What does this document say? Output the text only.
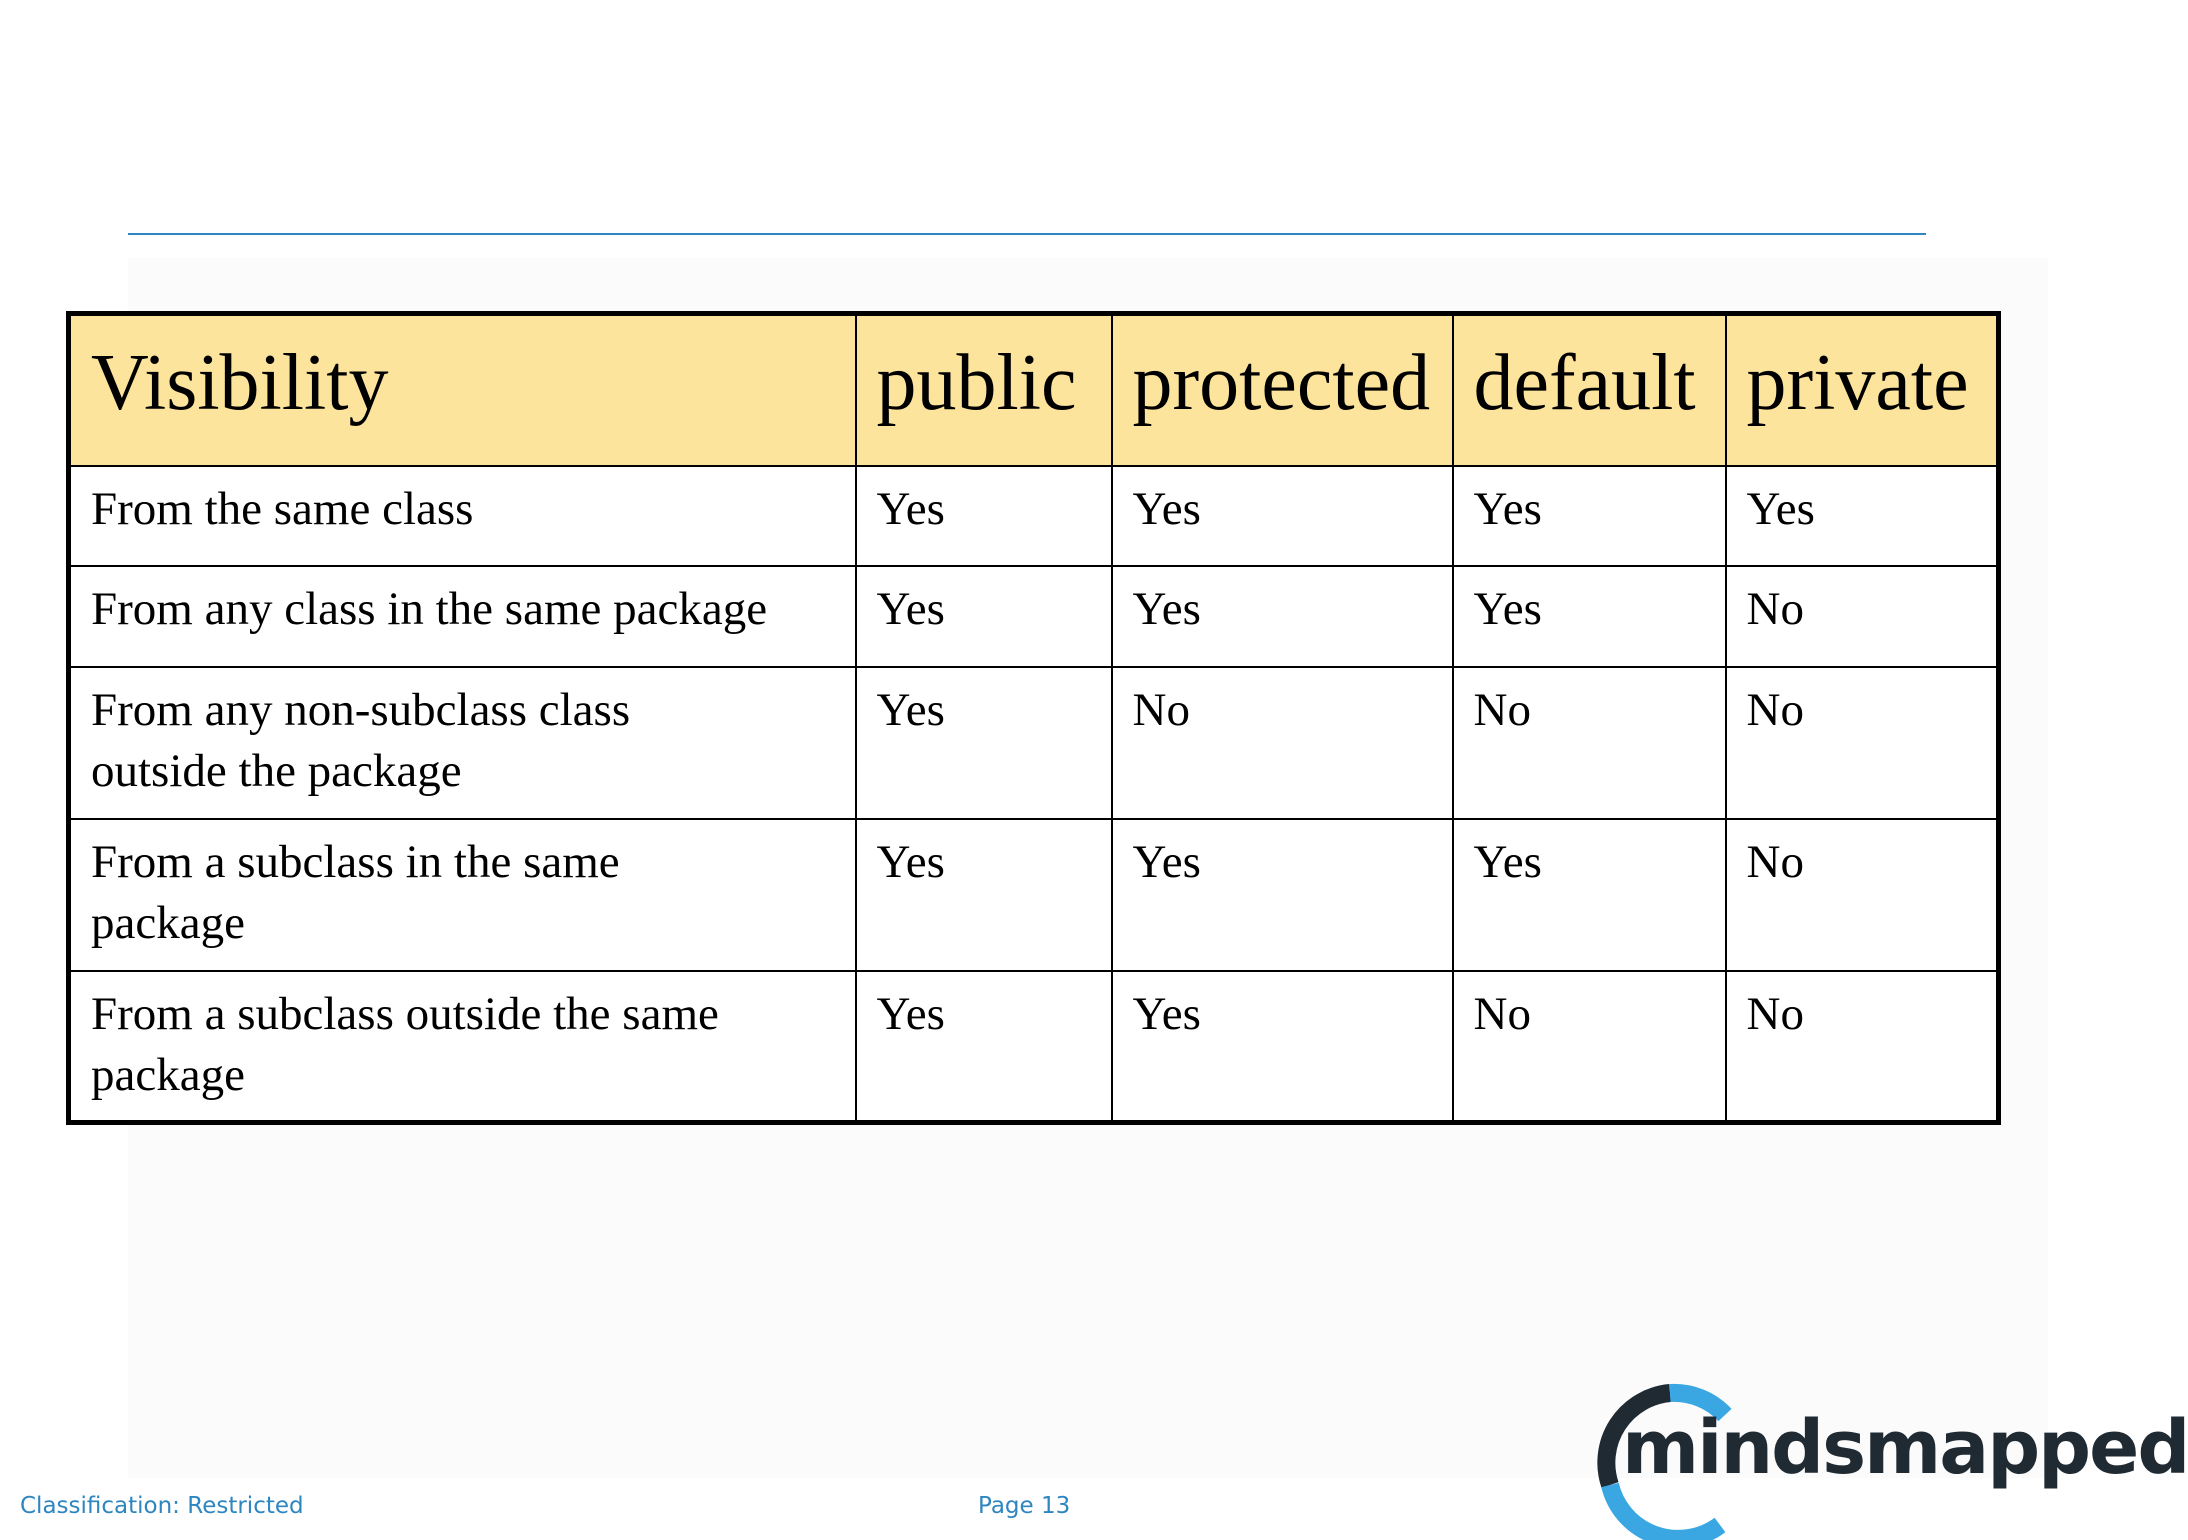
Visibility	public	protected	default	private
From the same class	Yes	Yes	Yes	Yes
From any class in the same package	Yes	Yes	Yes	No
From any non-subclass class outside the package	Yes	No	No	No
From a subclass in the same package	Yes	Yes	Yes	No
From a subclass outside the same package	Yes	Yes	No	No
Classification: Restricted	Page 13
mindsmapped
